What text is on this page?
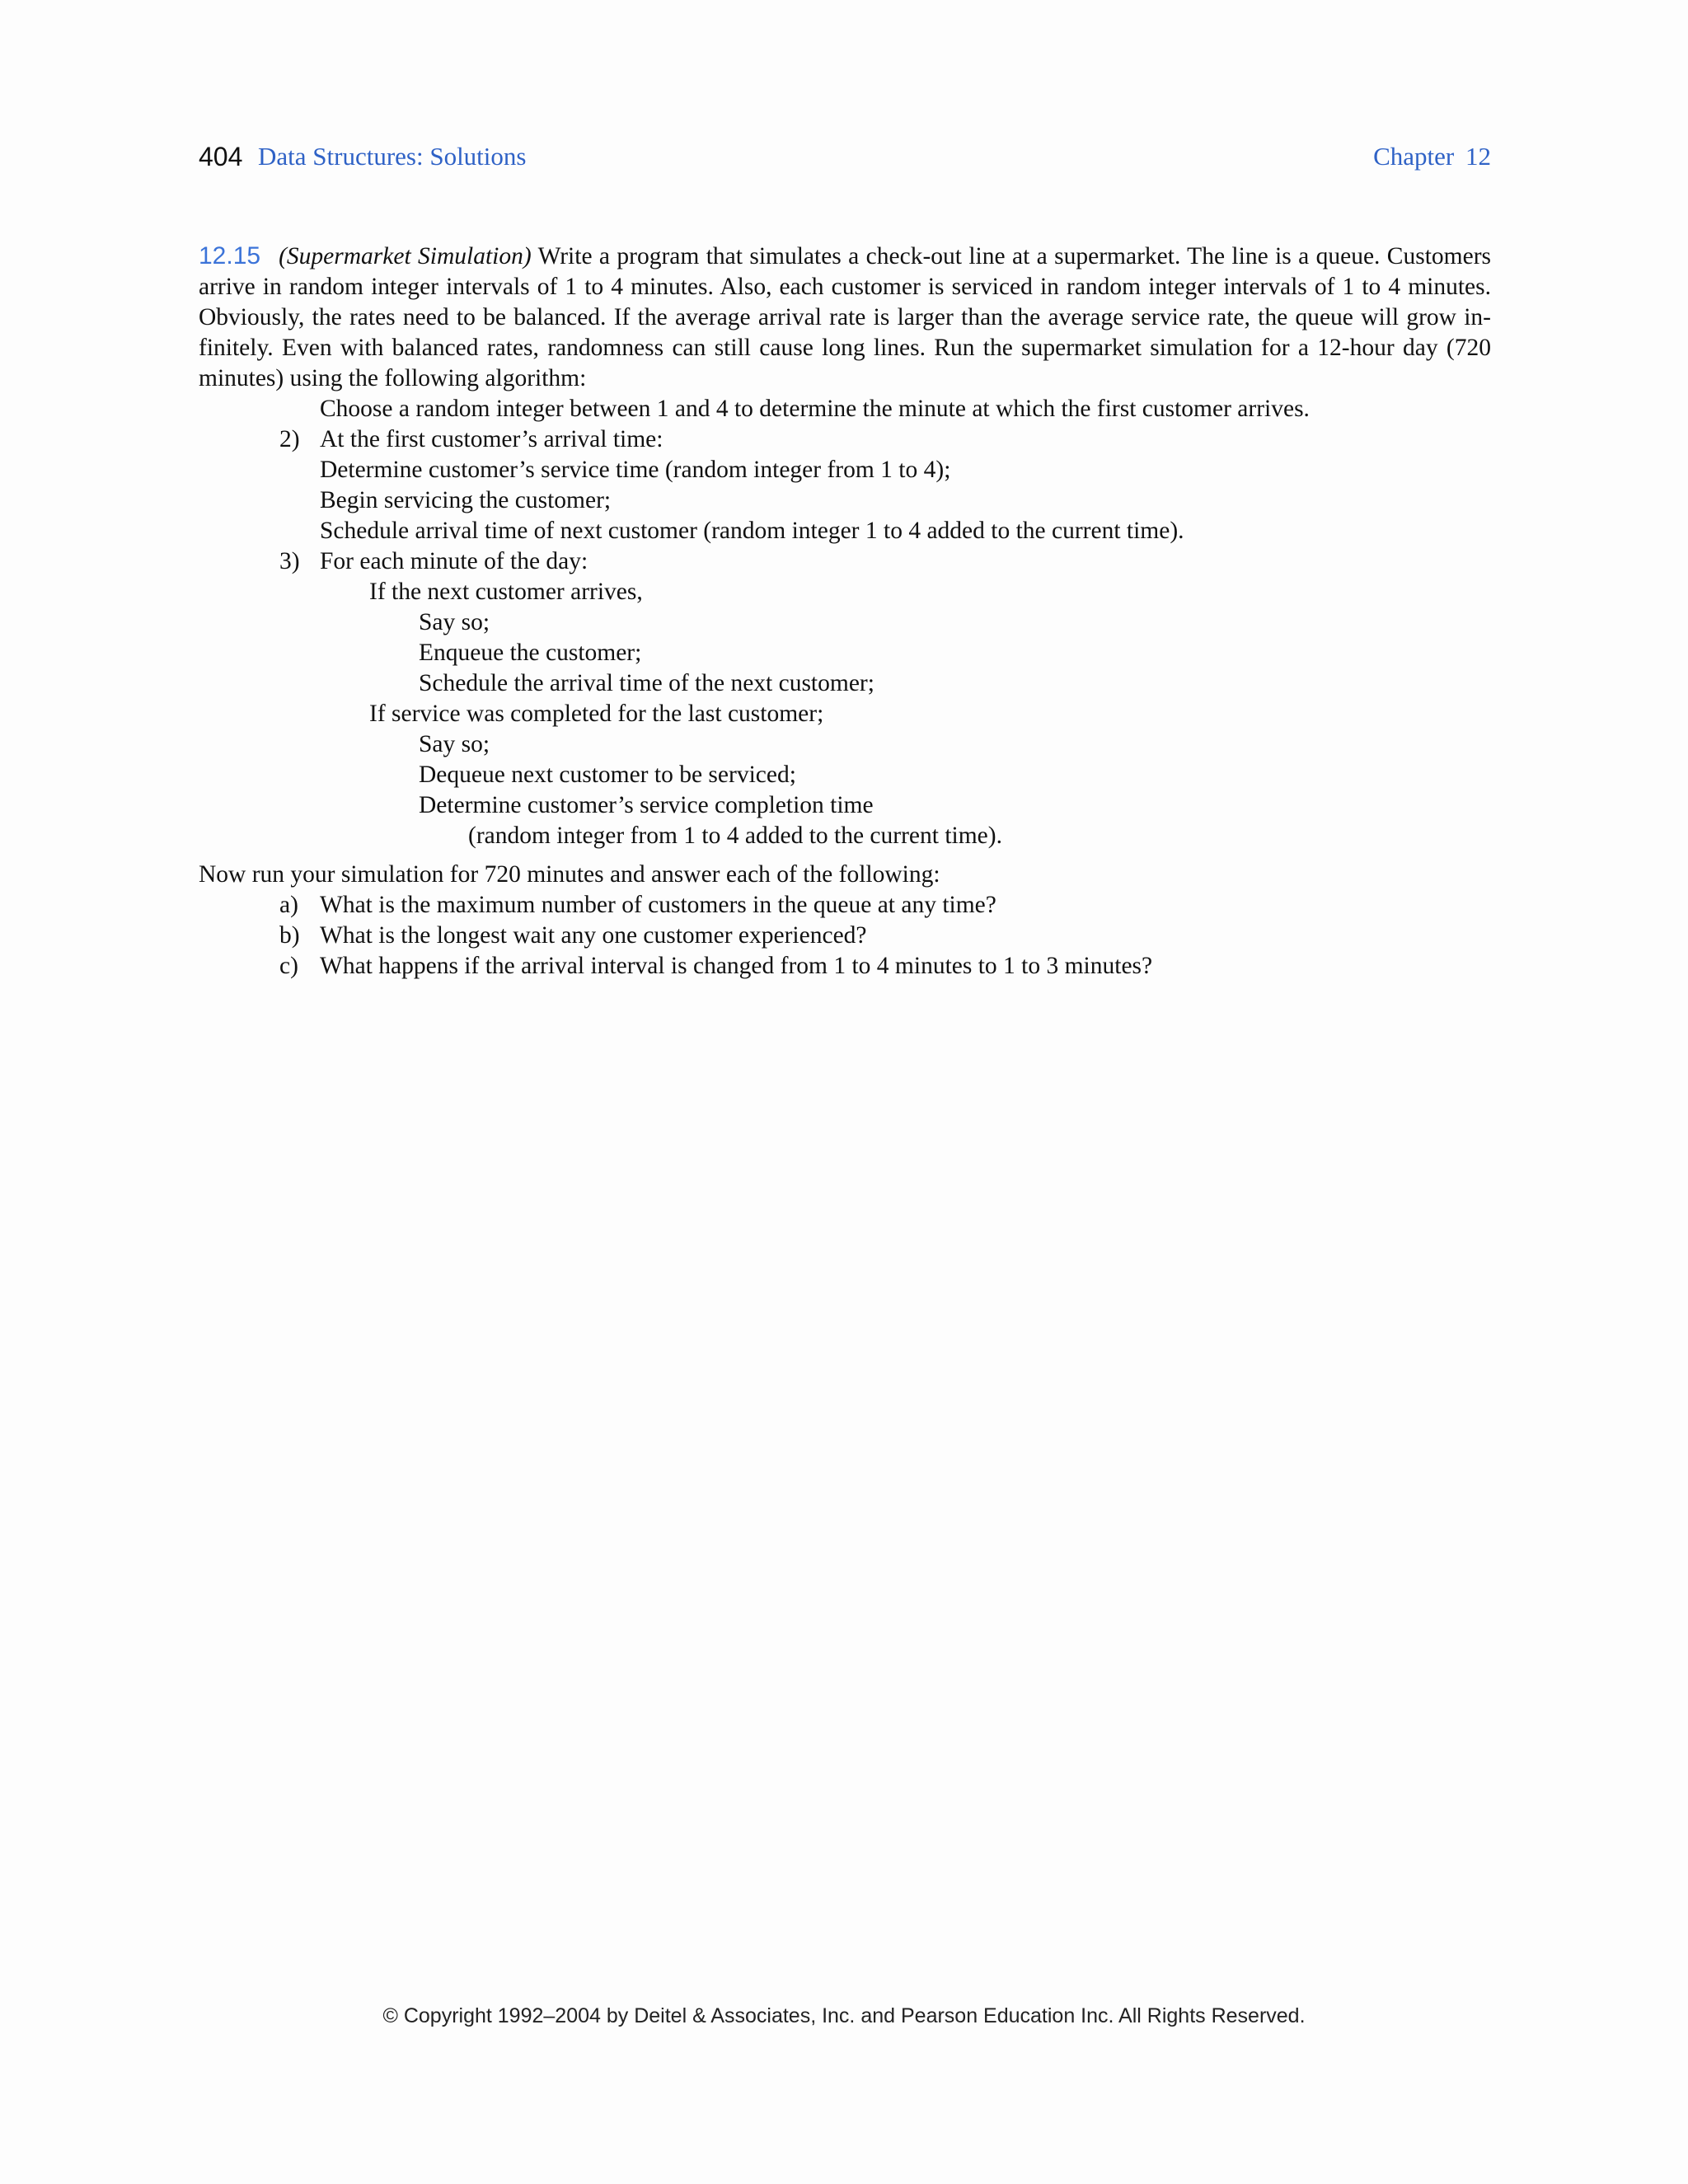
404 Data Structures: Solutions	Chapter 12

12.15 (Supermarket Simulation) Write a program that simulates a check-out line at a supermarket. The line is a queue. Customers arrive in random integer intervals of 1 to 4 minutes. Also, each customer is serviced in random integer intervals of 1 to 4 minutes. Obviously, the rates need to be balanced. If the average arrival rate is larger than the average service rate, the queue will grow in- finitely. Even with balanced rates, randomness can still cause long lines. Run the supermarket simulation for a 12-hour day (720 minutes) using the following algorithm:

Choose a random integer between 1 and 4 to determine the minute at which the first customer arrives.
2) At the first customer’s arrival time:
Determine customer’s service time (random integer from 1 to 4);
Begin servicing the customer;
Schedule arrival time of next customer (random integer 1 to 4 added to the current time).
3) For each minute of the day:
If the next customer arrives,
Say so;
Enqueue the customer;
Schedule the arrival time of the next customer;
If service was completed for the last customer;
Say so;
Dequeue next customer to be serviced;
Determine customer’s service completion time
(random integer from 1 to 4 added to the current time).
Now run your simulation for 720 minutes and answer each of the following:
a) What is the maximum number of customers in the queue at any time?
b) What is the longest wait any one customer experienced?
c) What happens if the arrival interval is changed from 1 to 4 minutes to 1 to 3 minutes?
© Copyright 1992–2004 by Deitel & Associates, Inc. and Pearson Education Inc. All Rights Reserved.
